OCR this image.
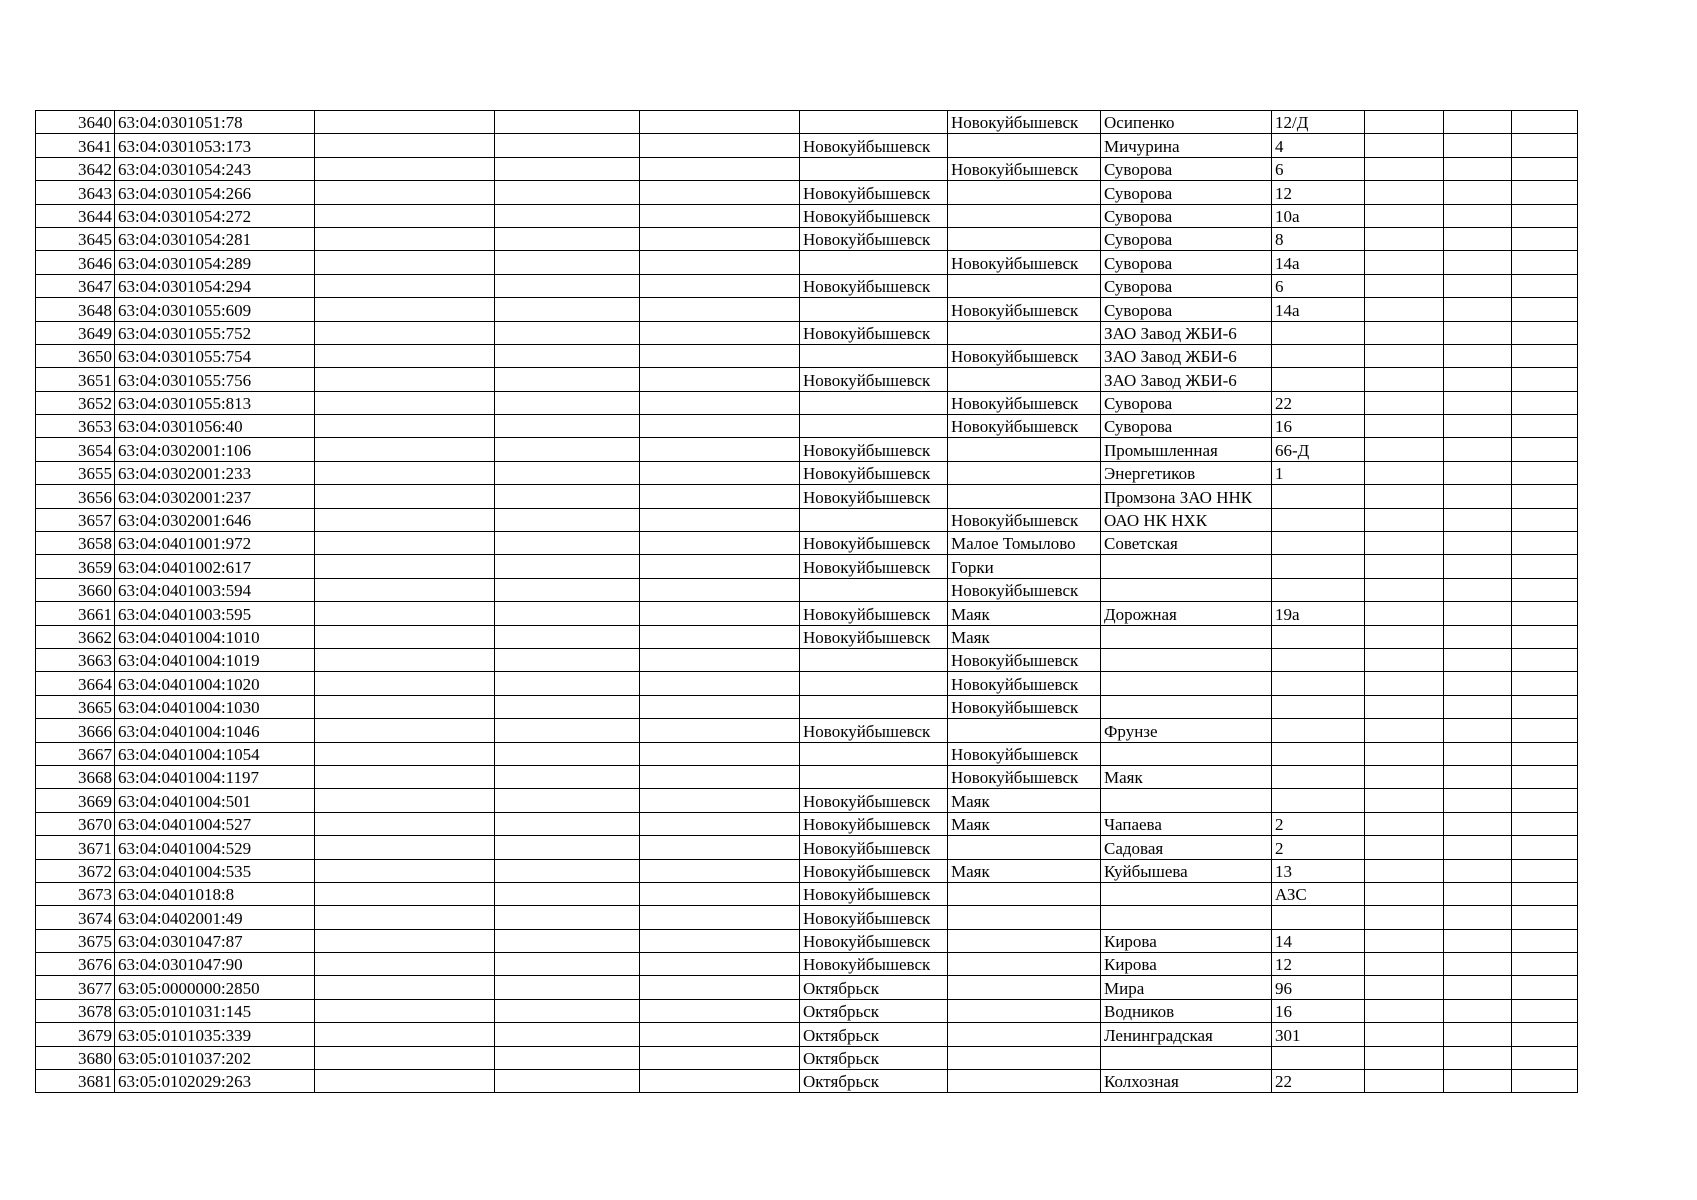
3640	63:04:0301051:78					Новокуйбышевск	Осипенко	12/Д			
3641	63:04:0301053:173				Новокуйбышевск		Мичурина	4			
3642	63:04:0301054:243					Новокуйбышевск	Суворова	6			
3643	63:04:0301054:266				Новокуйбышевск		Суворова	12			
3644	63:04:0301054:272				Новокуйбышевск		Суворова	10а			
3645	63:04:0301054:281				Новокуйбышевск		Суворова	8			
3646	63:04:0301054:289					Новокуйбышевск	Суворова	14а			
3647	63:04:0301054:294				Новокуйбышевск		Суворова	6			
3648	63:04:0301055:609					Новокуйбышевск	Суворова	14а			
3649	63:04:0301055:752				Новокуйбышевск		ЗАО Завод ЖБИ-6				
3650	63:04:0301055:754					Новокуйбышевск	ЗАО Завод ЖБИ-6				
3651	63:04:0301055:756				Новокуйбышевск		ЗАО Завод ЖБИ-6				
3652	63:04:0301055:813					Новокуйбышевск	Суворова	22			
3653	63:04:0301056:40					Новокуйбышевск	Суворова	16			
3654	63:04:0302001:106				Новокуйбышевск		Промышленная	66-Д			
3655	63:04:0302001:233				Новокуйбышевск		Энергетиков	1			
3656	63:04:0302001:237				Новокуйбышевск		Промзона ЗАО ННК				
3657	63:04:0302001:646					Новокуйбышевск	ОАО НК НХК				
3658	63:04:0401001:972				Новокуйбышевск	Малое Томылово	Советская				
3659	63:04:0401002:617				Новокуйбышевск	Горки					
3660	63:04:0401003:594					Новокуйбышевск					
3661	63:04:0401003:595				Новокуйбышевск	Маяк	Дорожная	19а			
3662	63:04:0401004:1010				Новокуйбышевск	Маяк					
3663	63:04:0401004:1019					Новокуйбышевск					
3664	63:04:0401004:1020					Новокуйбышевск					
3665	63:04:0401004:1030					Новокуйбышевск					
3666	63:04:0401004:1046				Новокуйбышевск		Фрунзе				
3667	63:04:0401004:1054					Новокуйбышевск					
3668	63:04:0401004:1197					Новокуйбышевск	Маяк				
3669	63:04:0401004:501				Новокуйбышевск	Маяк					
3670	63:04:0401004:527				Новокуйбышевск	Маяк	Чапаева	2			
3671	63:04:0401004:529				Новокуйбышевск		Садовая	2			
3672	63:04:0401004:535				Новокуйбышевск	Маяк	Куйбышева	13			
3673	63:04:0401018:8				Новокуйбышевск			АЗС			
3674	63:04:0402001:49				Новокуйбышевск						
3675	63:04:0301047:87				Новокуйбышевск		Кирова	14			
3676	63:04:0301047:90				Новокуйбышевск		Кирова	12			
3677	63:05:0000000:2850				Октябрьск		Мира	96			
3678	63:05:0101031:145				Октябрьск		Водников	16			
3679	63:05:0101035:339				Октябрьск		Ленинградская	301			
3680	63:05:0101037:202				Октябрьск						
3681	63:05:0102029:263				Октябрьск		Колхозная	22			
